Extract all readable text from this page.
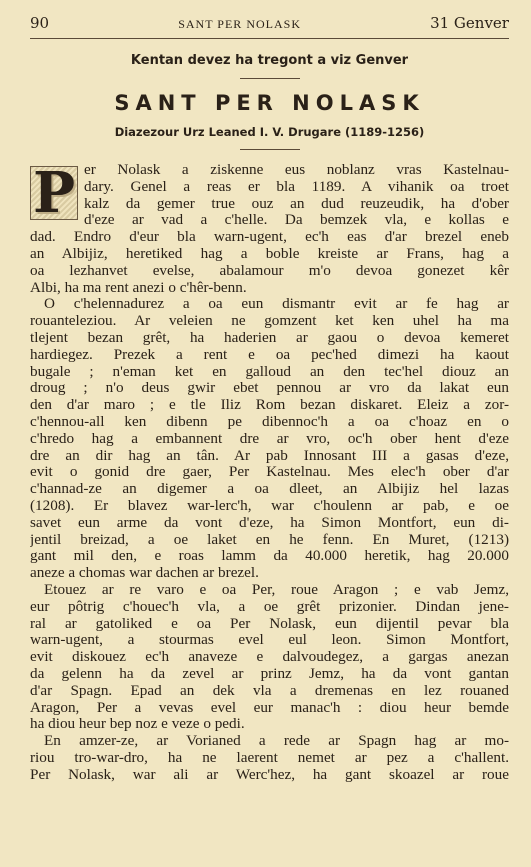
90	SANT PER NOLASK	31 Genver
Kentan devez ha tregont a viz Genver
SANT PER NOLASK
Diazezour Urz Leaned I. V. Drugare (1189-1256)
P er Nolask a ziskenne eus noblanz vras Kastelnau-
dary. Genel a reas er bla 1189. A vihanik oa troet
kalz da gemer true ouz an dud reuzeudik, ha d'ober
d'eze ar vad a c'helle. Da bemzek vla, e kollas e
dad. Endro d'eur bla warn-ugent, ec'h eas d'ar brezel eneb
an Albijiz, heretiked hag a boble kreiste ar Frans, hag a
oa lezhanvet evelse, abalamour m'o devoa gonezet kêr
Albi, ha ma rent anezi o c'hêr-benn.
O c'helennadurez a oa eun dismantr evit ar fe hag ar
rouanteleziou. Ar veleien ne gomzent ket ken uhel ha ma
tlejent bezan grêt, ha haderien ar gaou o devoa kemeret
hardiegez. Prezek a rent e oa pec'hed dimezi ha kaout
bugale ; n'eman ket en galloud an den tec'hel diouz an
droug ; n'o deus gwir ebet pennou ar vro da lakat eun
den d'ar maro ; e tle Iliz Rom bezan diskaret. Eleiz a zor-
c'hennou-all ken dibenn pe dibennoc'h a oa c'hoaz en o
c'hredo hag a embannent dre ar vro, oc'h ober hent d'eze
dre an dir hag an tân. Ar pab Innosant III a gasas d'eze,
evit o gonid dre gaer, Per Kastelnau. Mes elec'h ober d'ar
c'hannad-ze an digemer a oa dleet, an Albijiz hel lazas
(1208). Er blavez war-lerc'h, war c'houlenn ar pab, e oe
savet eun arme da vont d'eze, ha Simon Montfort, eun di-
jentil breizad, a oe laket en he fenn. En Muret, (1213)
gant mil den, e roas lamm da 40.000 heretik, hag 20.000
aneze a chomas war dachen ar brezel.
Etouez ar re varo e oa Per, roue Aragon ; e vab Jemz,
eur pôtrig c'houec'h vla, a oe grêt prizonier. Dindan jene-
ral ar gatoliked e oa Per Nolask, eun dijentil pevar bla
warn-ugent, a stourmas evel eul leon. Simon Montfort,
evit diskouez ec'h anaveze e dalvoudegez, a gargas anezan
da gelenn ha da zevel ar prinz Jemz, ha da vont gantan
d'ar Spagn. Epad an dek vla a dremenas en lez rouaned
Aragon, Per a vevas evel eur manac'h : diou heur bemde
ha diou heur bep noz e veze o pedi.
En amzer-ze, ar Vorianed a rede ar Spagn hag ar mo-
riou tro-war-dro, ha ne laerent nemet ar pez a c'hallent.
Per Nolask, war ali ar Werc'hez, ha gant skoazel ar roue
